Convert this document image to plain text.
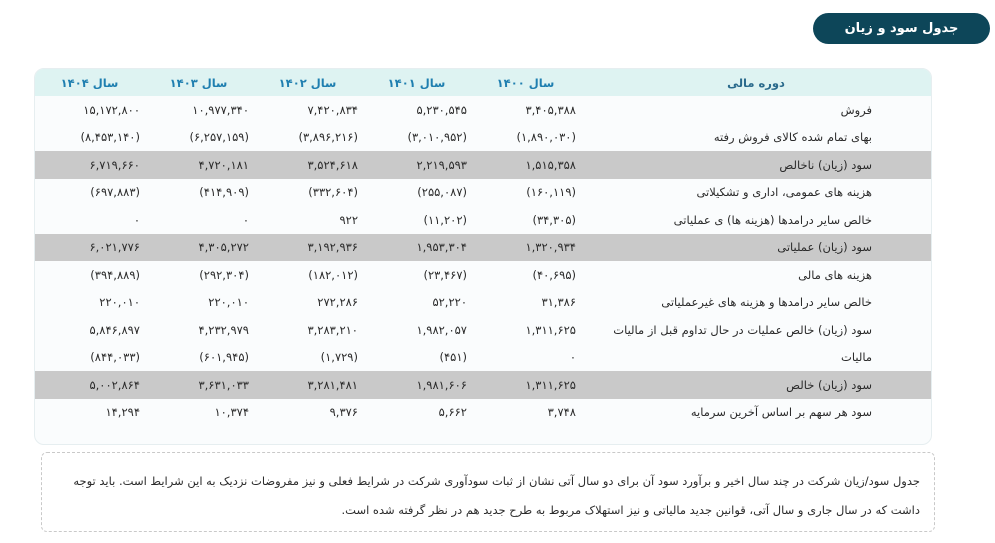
جدول سود و زیان
دوره مالی	سال ۱۴۰۰	سال ۱۴۰۱	سال ۱۴۰۲	سال ۱۴۰۳	سال ۱۴۰۴
فروش	۳,۴۰۵,۳۸۸	۵,۲۳۰,۵۴۵	۷,۴۲۰,۸۳۴	۱۰,۹۷۷,۳۴۰	۱۵,۱۷۲,۸۰۰
بهای تمام شده کالای فروش رفته	(۱,۸۹۰,۰۳۰)	(۳,۰۱۰,۹۵۲)	(۳,۸۹۶,۲۱۶)	(۶,۲۵۷,۱۵۹)	(۸,۴۵۳,۱۴۰)
سود (زیان) ناخالص	۱,۵۱۵,۳۵۸	۲,۲۱۹,۵۹۳	۳,۵۲۴,۶۱۸	۴,۷۲۰,۱۸۱	۶,۷۱۹,۶۶۰
هزینه های عمومی، اداری و تشکیلاتی	(۱۶۰,۱۱۹)	(۲۵۵,۰۸۷)	(۳۳۲,۶۰۴)	(۴۱۴,۹۰۹)	(۶۹۷,۸۸۳)
خالص سایر درامدها (هزینه ها) ی عملیاتی	(۳۴,۳۰۵)	(۱۱,۲۰۲)	۹۲۲	۰	۰
سود (زیان) عملیاتی	۱,۳۲۰,۹۳۴	۱,۹۵۳,۳۰۴	۳,۱۹۲,۹۳۶	۴,۳۰۵,۲۷۲	۶,۰۲۱,۷۷۶
هزینه های مالی	(۴۰,۶۹۵)	(۲۳,۴۶۷)	(۱۸۲,۰۱۲)	(۲۹۲,۳۰۴)	(۳۹۴,۸۸۹)
خالص سایر درامدها و هزینه های غیرعملیاتی	۳۱,۳۸۶	۵۲,۲۲۰	۲۷۲,۲۸۶	۲۲۰,۰۱۰	۲۲۰,۰۱۰
سود (زیان) خالص عملیات در حال تداوم قبل از مالیات	۱,۳۱۱,۶۲۵	۱,۹۸۲,۰۵۷	۳,۲۸۳,۲۱۰	۴,۲۳۲,۹۷۹	۵,۸۴۶,۸۹۷
مالیات	۰	(۴۵۱)	(۱,۷۲۹)	(۶۰۱,۹۴۵)	(۸۴۴,۰۳۳)
سود (زیان) خالص	۱,۳۱۱,۶۲۵	۱,۹۸۱,۶۰۶	۳,۲۸۱,۴۸۱	۳,۶۳۱,۰۳۳	۵,۰۰۲,۸۶۴
سود هر سهم بر اساس آخرین سرمایه	۳,۷۴۸	۵,۶۶۲	۹,۳۷۶	۱۰,۳۷۴	۱۴,۲۹۴
جدول سود/زیان شرکت در چند سال اخیر و برآورد سود آن برای دو سال آتی نشان از ثبات سودآوری شرکت در شرایط فعلی و نیز مفروضات نزدیک به این شرایط است. باید توجه داشت که در سال جاری و سال آتی، قوانین جدید مالیاتی و نیز استهلاک مربوط به طرح جدید هم در نظر گرفته شده است.
